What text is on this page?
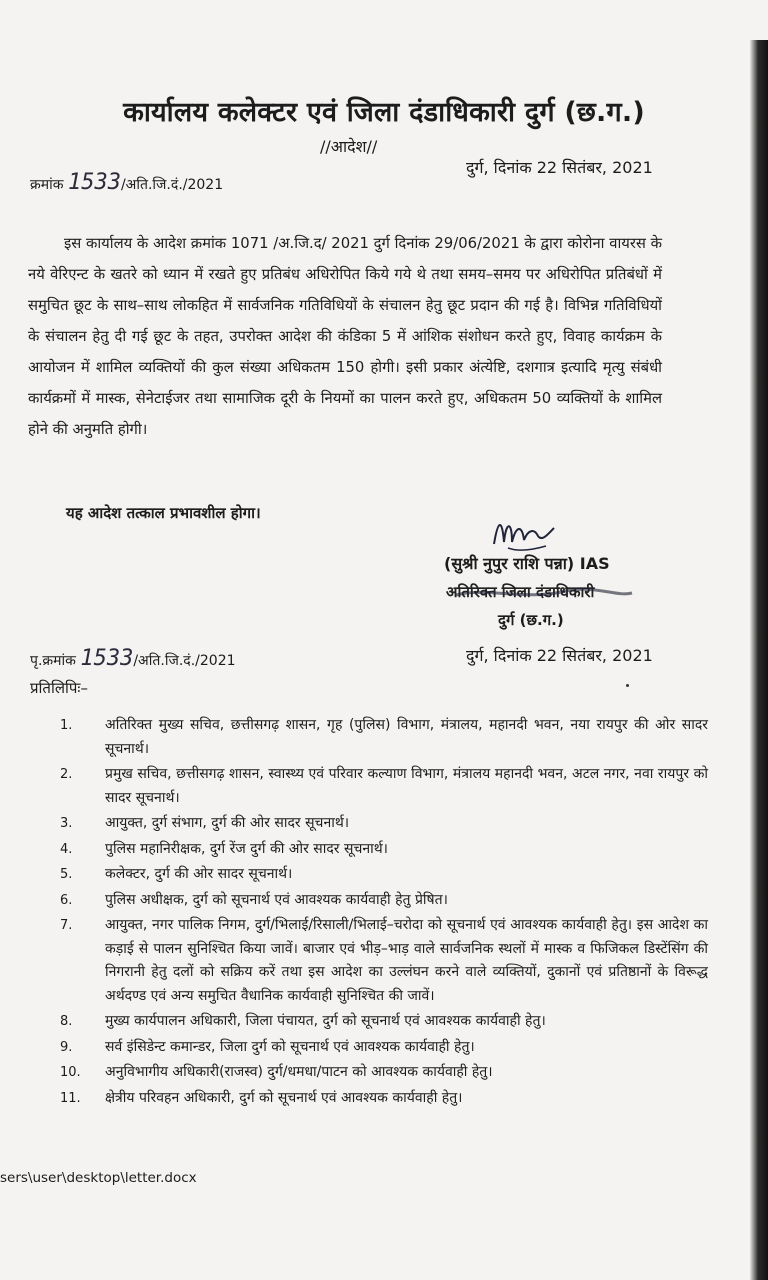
कार्यालय कलेक्टर एवं जिला दंडाधिकारी दुर्ग (छ.ग.)
//आदेश//
क्रमांक 1533/अति.जि.दं./2021
दुर्ग, दिनांक 22 सितंबर, 2021
इस कार्यालय के आदेश क्रमांक 1071 /अ.जि.द/ 2021 दुर्ग दिनांक 29/06/2021 के द्वारा कोरोना वायरस के नये वेरिएन्ट के खतरे को ध्यान में रखते हुए प्रतिबंध अधिरोपित किये गये थे तथा समय–समय पर अधिरोपित प्रतिबंधों में समुचित छूट के साथ–साथ लोकहित में सार्वजनिक गतिविधियों के संचालन हेतु छूट प्रदान की गई है। विभिन्न गतिविधियों के संचालन हेतु दी गई छूट के तहत, उपरोक्त आदेश की कंडिका 5 में आंशिक संशोधन करते हुए, विवाह कार्यक्रम के आयोजन में शामिल व्यक्तियों की कुल संख्या अधिकतम 150 होगी। इसी प्रकार अंत्येष्टि, दशगात्र इत्यादि मृत्यु संबंधी कार्यक्रमों में मास्क, सेनेटाईजर तथा सामाजिक दूरी के नियमों का पालन करते हुए, अधिकतम 50 व्यक्तियों के शामिल होने की अनुमति होगी।
यह आदेश तत्काल प्रभावशील होगा।
(सुश्री नुपुर राशि पन्ना) IAS
अतिरिक्त जिला दंडाधिकारी
दुर्ग (छ.ग.)
पृ.क्रमांक 1533/अति.जि.दं./2021	दुर्ग, दिनांक 22 सितंबर, 2021
प्रतिलिपिः–
1.	अतिरिक्त मुख्य सचिव, छत्तीसगढ़ शासन, गृह (पुलिस) विभाग, मंत्रालय, महानदी भवन, नया रायपुर की ओर सादर सूचनार्थ।
2.	प्रमुख सचिव, छत्तीसगढ़ शासन, स्वास्थ्य एवं परिवार कल्याण विभाग, मंत्रालय महानदी भवन, अटल नगर, नवा रायपुर को सादर सूचनार्थ।
3.	आयुक्त, दुर्ग संभाग, दुर्ग की ओर सादर सूचनार्थ।
4.	पुलिस महानिरीक्षक, दुर्ग रेंज दुर्ग की ओर सादर सूचनार्थ।
5.	कलेक्टर, दुर्ग की ओर सादर सूचनार्थ।
6.	पुलिस अधीक्षक, दुर्ग को सूचनार्थ एवं आवश्यक कार्यवाही हेतु प्रेषित।
7.	आयुक्त, नगर पालिक निगम, दुर्ग/भिलाई/रिसाली/भिलाई–चरोदा को सूचनार्थ एवं आवश्यक कार्यवाही हेतु। इस आदेश का कड़ाई से पालन सुनिश्चित किया जावें। बाजार एवं भीड़–भाड़ वाले सार्वजनिक स्थलों में मास्क व फिजिकल डिस्टेंसिंग की निगरानी हेतु दलों को सक्रिय करें तथा इस आदेश का उल्लंघन करने वाले व्यक्तियों, दुकानों एवं प्रतिष्ठानों के विरूद्ध अर्थदण्ड एवं अन्य समुचित वैधानिक कार्यवाही सुनिश्चित की जावें।
8.	मुख्य कार्यपालन अधिकारी, जिला पंचायत, दुर्ग को सूचनार्थ एवं आवश्यक कार्यवाही हेतु।
9.	सर्व इंसिडेन्ट कमान्डर, जिला दुर्ग को सूचनार्थ एवं आवश्यक कार्यवाही हेतु।
10.	अनुविभागीय अधिकारी(राजस्व) दुर्ग/धमधा/पाटन को आवश्यक कार्यवाही हेतु।
11.	क्षेत्रीय परिवहन अधिकारी, दुर्ग को सूचनार्थ एवं आवश्यक कार्यवाही हेतु।
sers\user\desktop\letter.docx
